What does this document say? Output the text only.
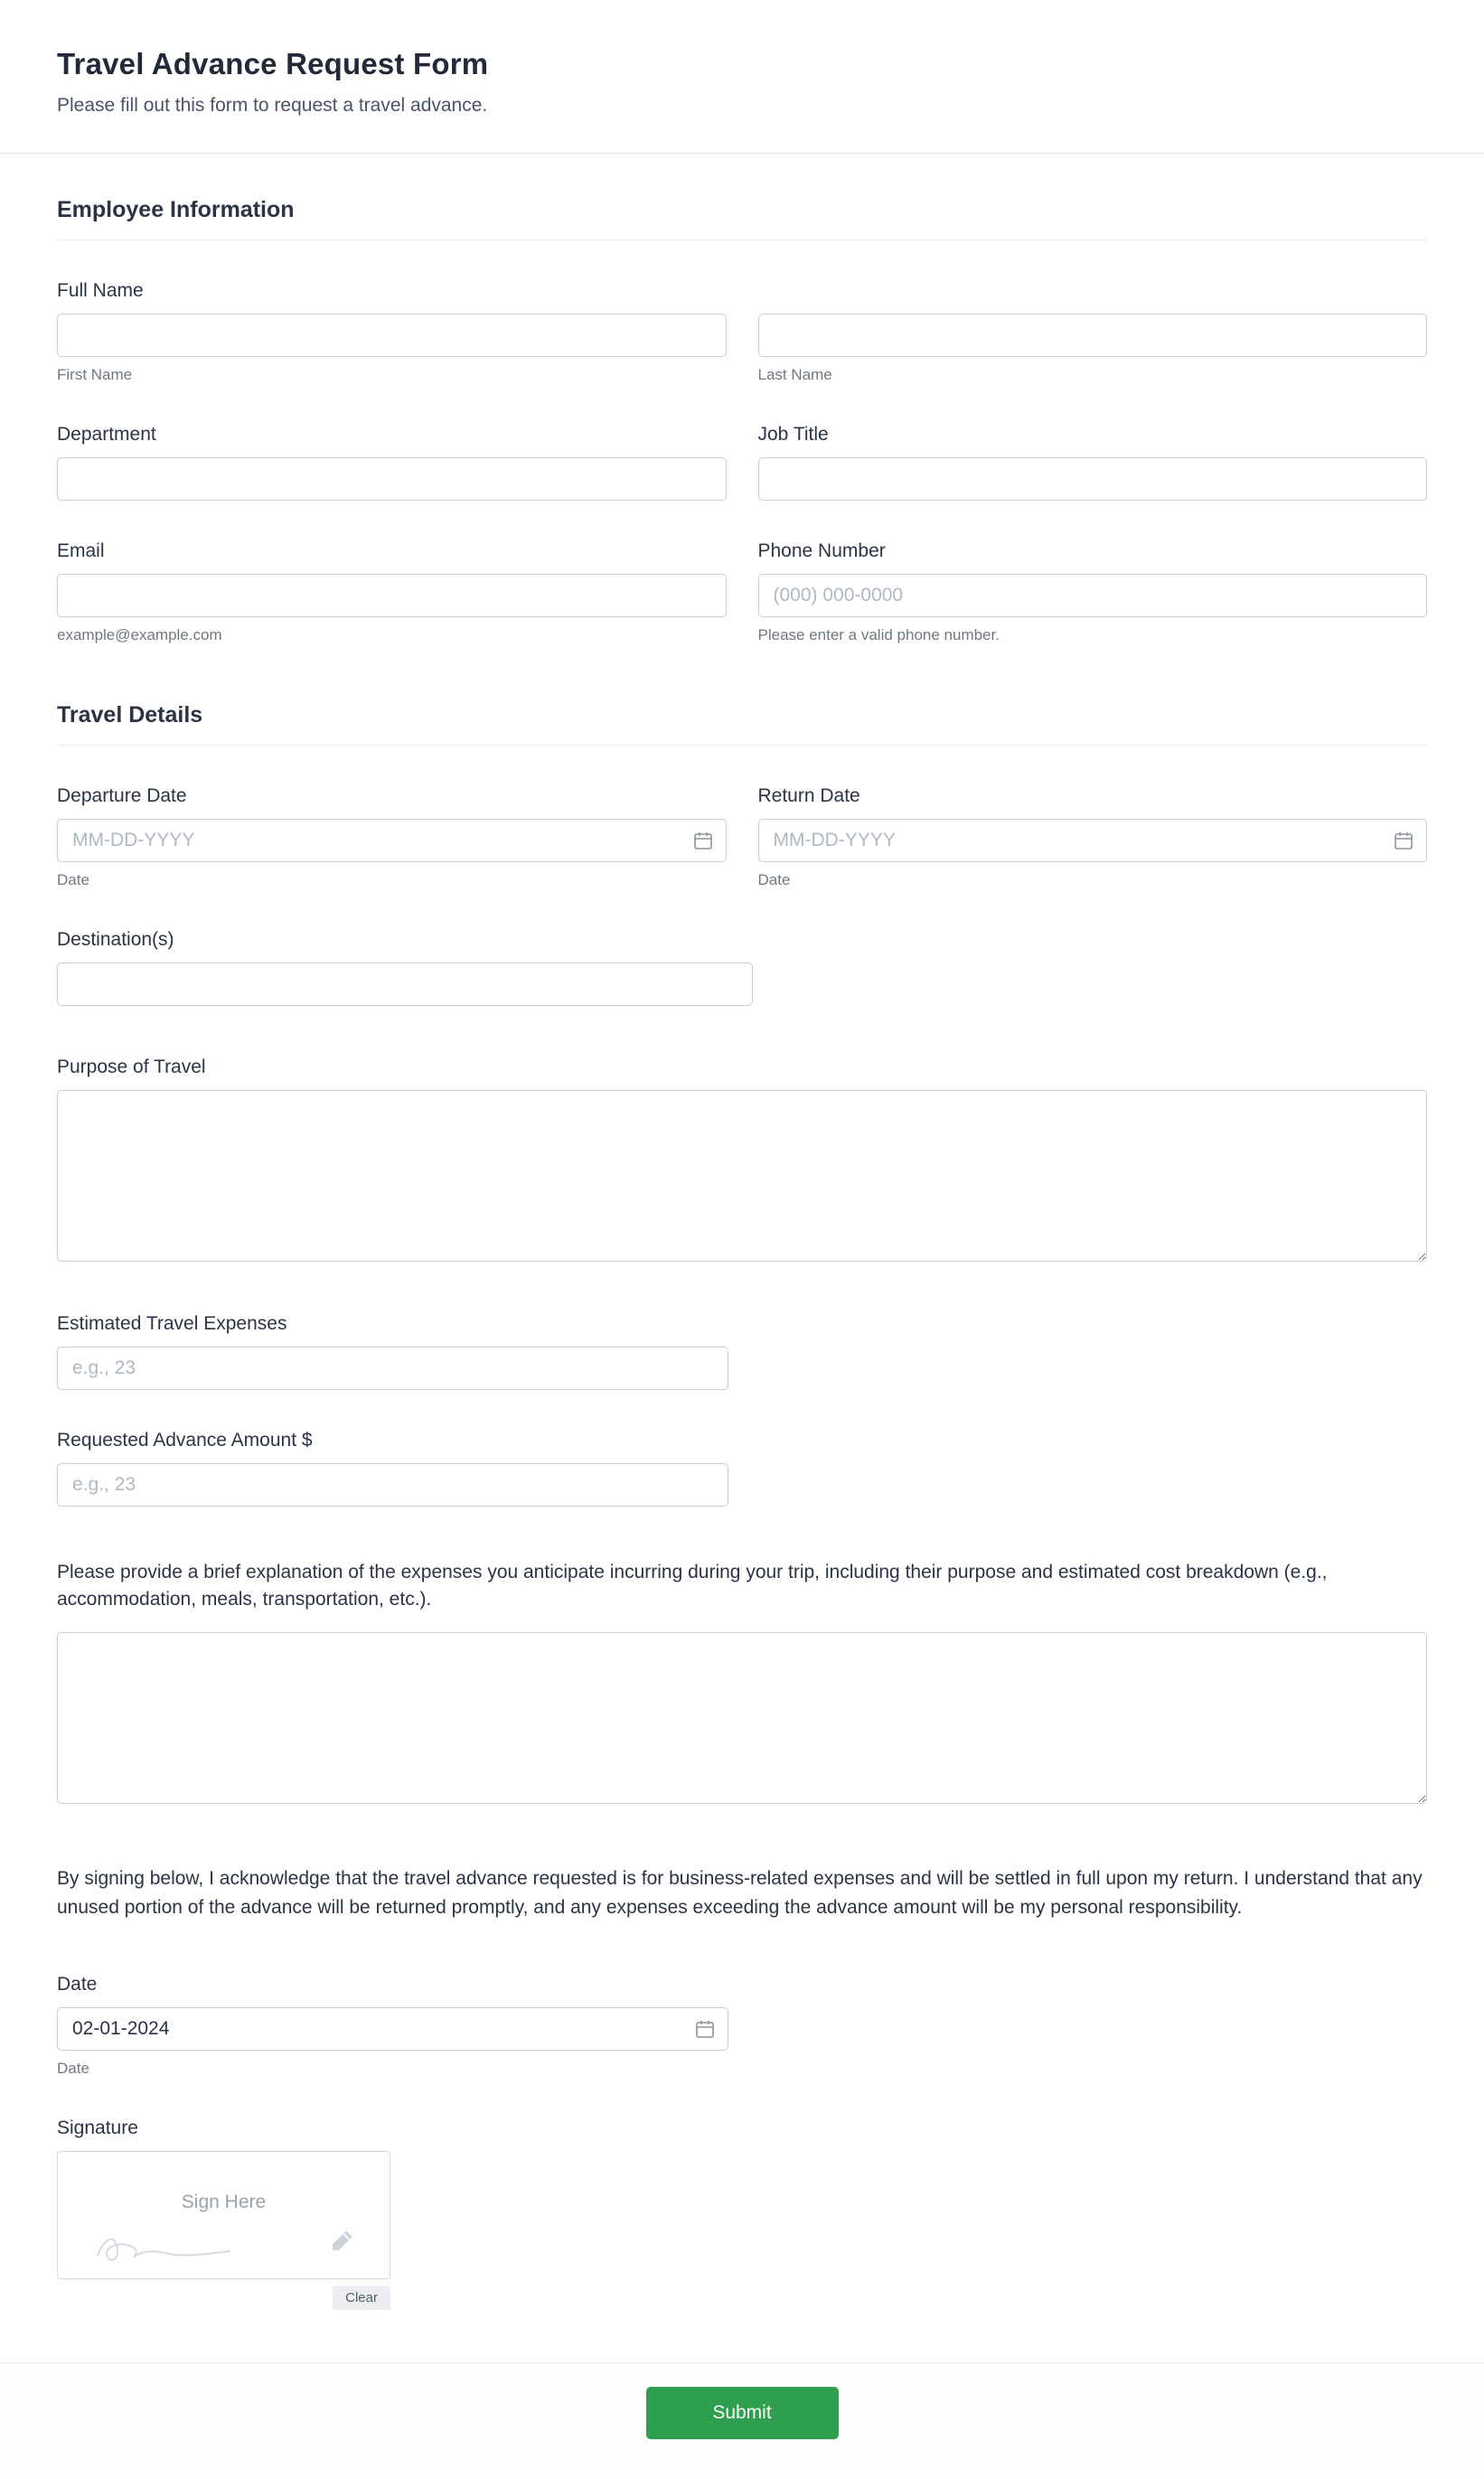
Travel Advance Request Form
Please fill out this form to request a travel advance.
Employee Information
Full Name
First Name	Last Name
Department	Job Title
Email
example@example.com
Phone Number
(000) 000-0000
Please enter a valid phone number.
Travel Details
Departure Date
MM-DD-YYYY
Date
Return Date
MM-DD-YYYY
Date
Destination(s)
Purpose of Travel
Estimated Travel Expenses
e.g., 23
Requested Advance Amount $
e.g., 23
Please provide a brief explanation of the expenses you anticipate incurring during your trip, including their purpose and estimated cost breakdown (e.g., accommodation, meals, transportation, etc.).

By signing below, I acknowledge that the travel advance requested is for business-related expenses and will be settled in full upon my return. I understand that any unused portion of the advance will be returned promptly, and any expenses exceeding the advance amount will be my personal responsibility.

Date
02-01-2024
Date
Signature
Sign Here
Clear
Submit
